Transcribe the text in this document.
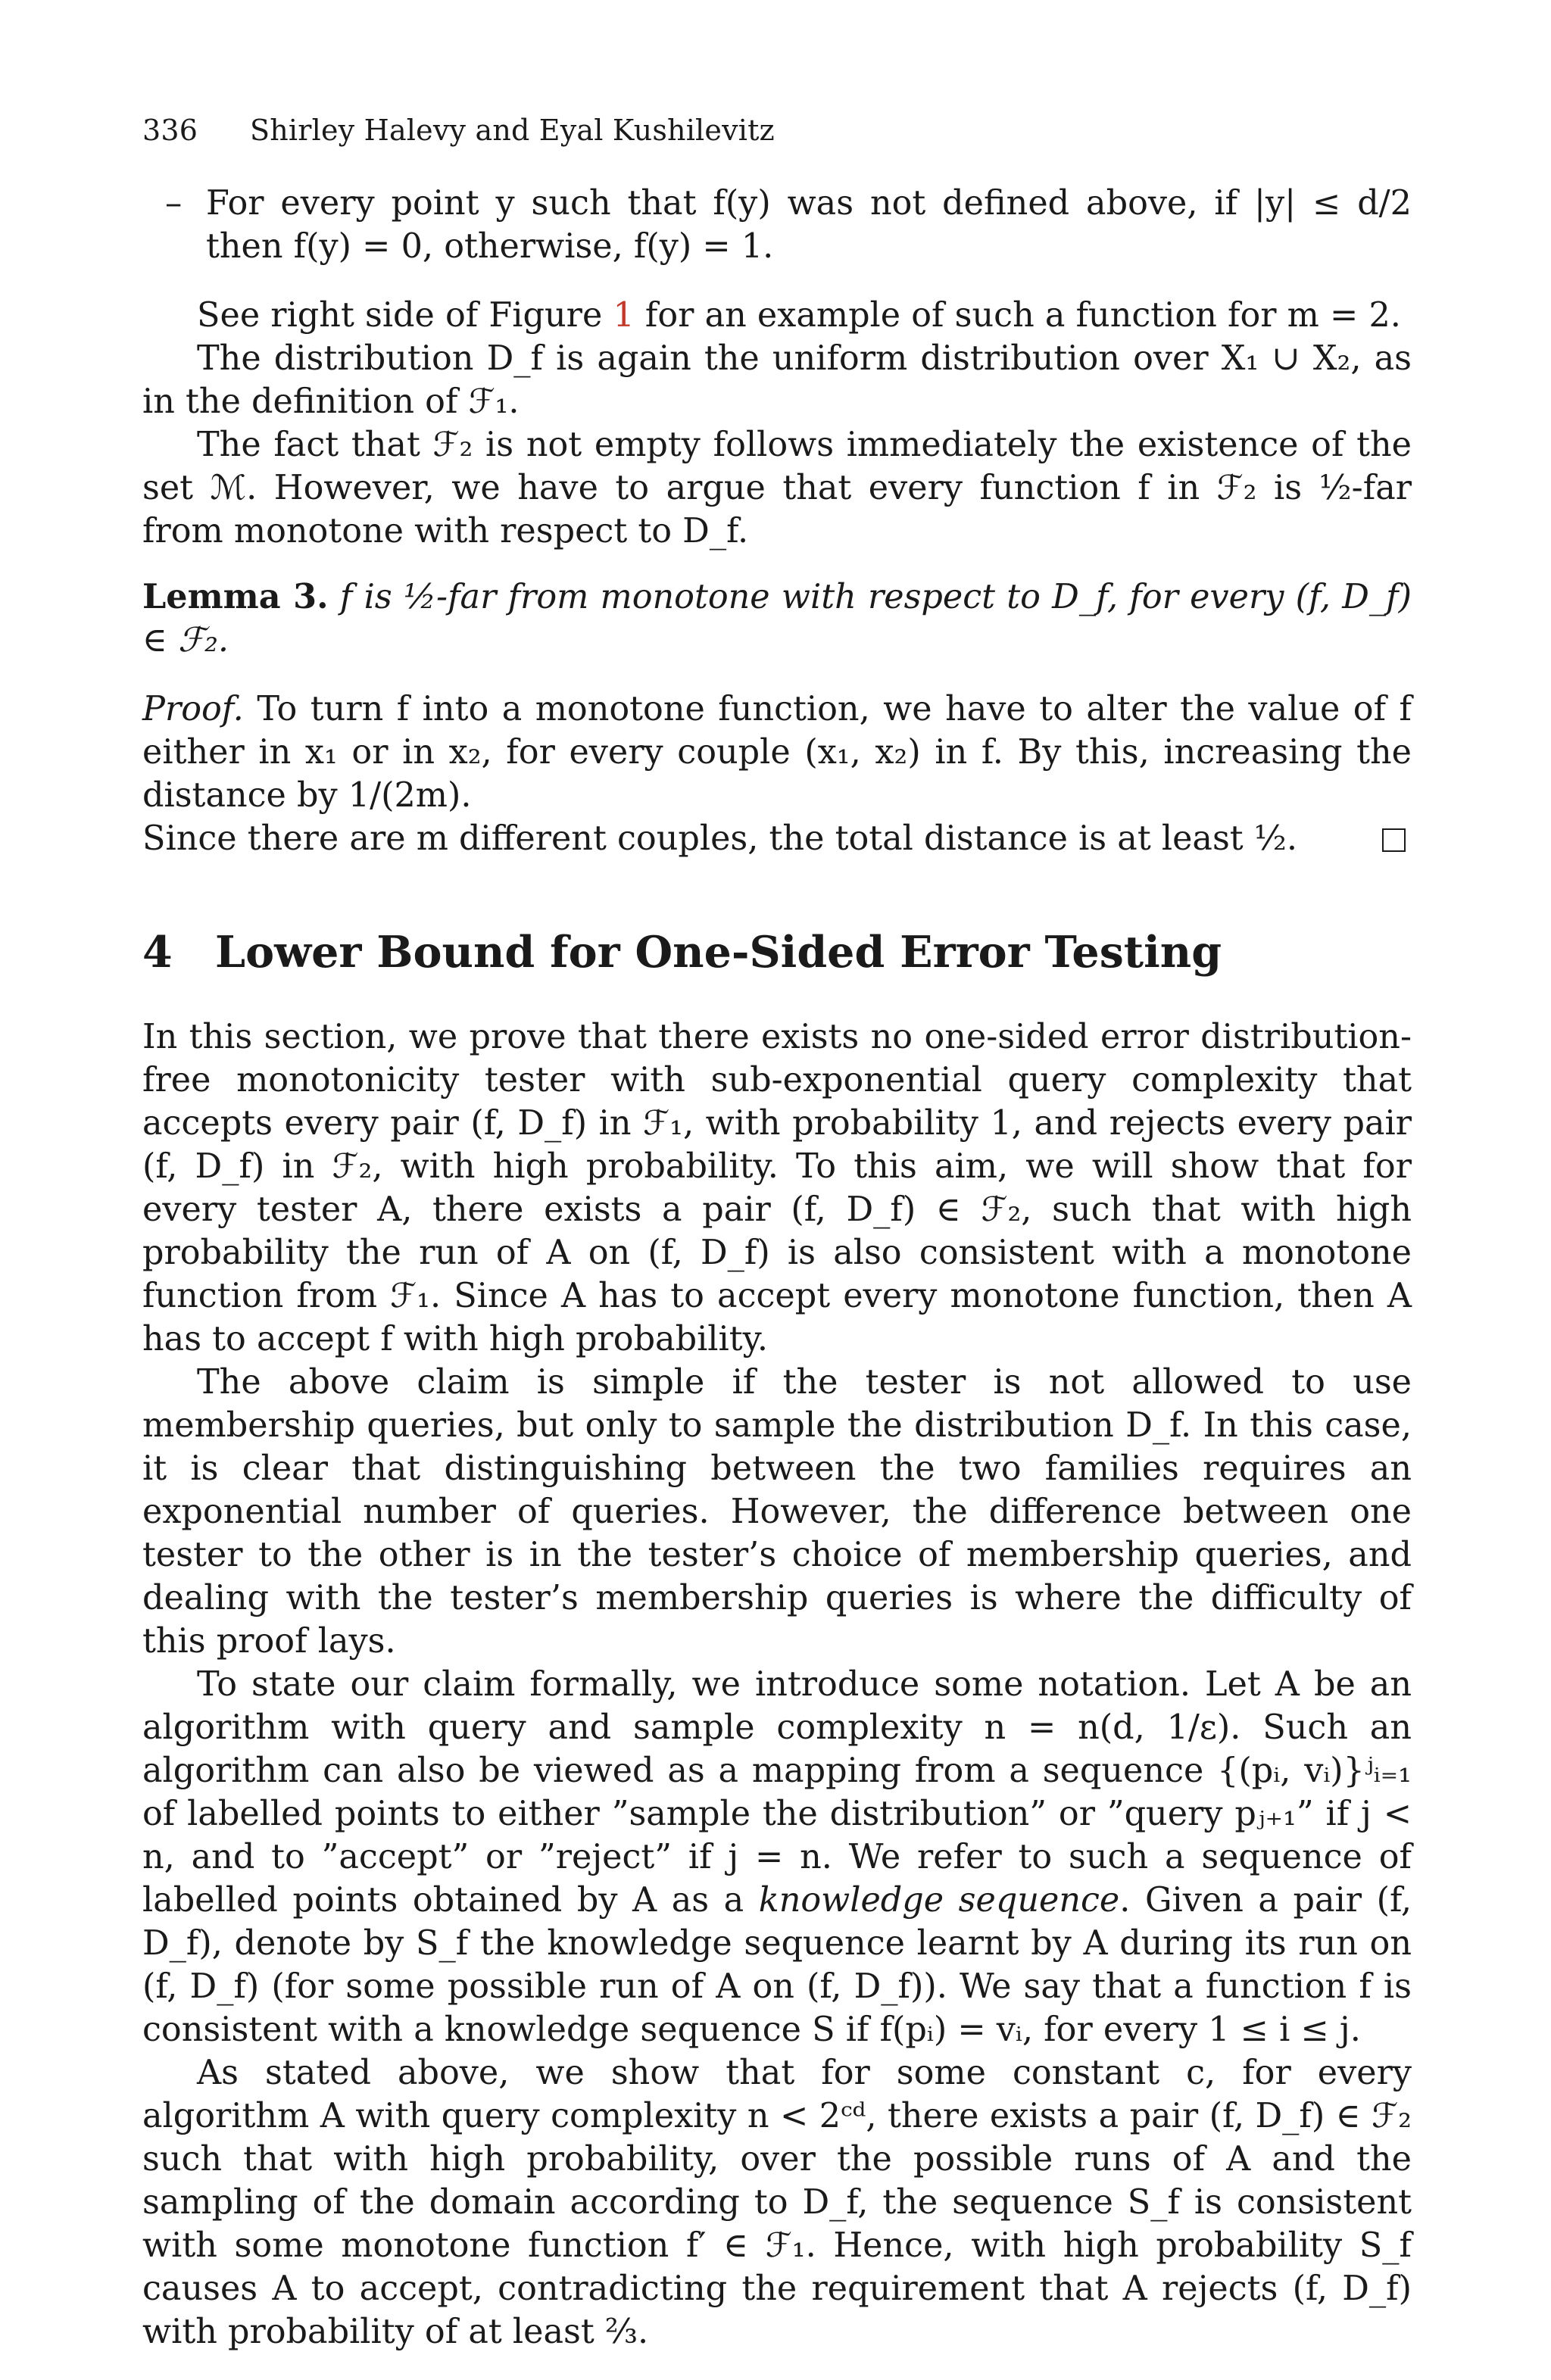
336 Shirley Halevy and Eyal Kushilevitz

– For every point y such that f(y) was not defined above, if |y| ≤ d/2 then f(y) = 0, otherwise, f(y) = 1.

See right side of Figure 1 for an example of such a function for m = 2.

The distribution D_f is again the uniform distribution over X₁ ∪ X₂, as in the definition of ℱ₁.

The fact that ℱ₂ is not empty follows immediately the existence of the set ℳ. However, we have to argue that every function f in ℱ₂ is ½-far from monotone with respect to D_f.

Lemma 3. f is ½-far from monotone with respect to D_f, for every (f, D_f) ∈ ℱ₂.

Proof. To turn f into a monotone function, we have to alter the value of f either in x₁ or in x₂, for every couple (x₁, x₂) in f. By this, increasing the distance by 1/(2m).

Since there are m different couples, the total distance is at least ½.

4 Lower Bound for One-Sided Error Testing

In this section, we prove that there exists no one-sided error distribution-free monotonicity tester with sub-exponential query complexity that accepts every pair (f, D_f) in ℱ₁, with probability 1, and rejects every pair (f, D_f) in ℱ₂, with high probability. To this aim, we will show that for every tester A, there exists a pair (f, D_f) ∈ ℱ₂, such that with high probability the run of A on (f, D_f) is also consistent with a monotone function from ℱ₁. Since A has to accept every monotone function, then A has to accept f with high probability.

The above claim is simple if the tester is not allowed to use membership queries, but only to sample the distribution D_f. In this case, it is clear that distinguishing between the two families requires an exponential number of queries. However, the difference between one tester to the other is in the tester’s choice of membership queries, and dealing with the tester’s membership queries is where the difficulty of this proof lays.

To state our claim formally, we introduce some notation. Let A be an algorithm with query and sample complexity n = n(d, 1/ε). Such an algorithm can also be viewed as a mapping from a sequence {(pᵢ, vᵢ)}ʲᵢ₌₁ of labelled points to either ”sample the distribution” or ”query pⱼ₊₁” if j < n, and to ”accept” or ”reject” if j = n. We refer to such a sequence of labelled points obtained by A as a knowledge sequence. Given a pair (f, D_f), denote by S_f the knowledge sequence learnt by A during its run on (f, D_f) (for some possible run of A on (f, D_f)). We say that a function f is consistent with a knowledge sequence S if f(pᵢ) = vᵢ, for every 1 ≤ i ≤ j.

As stated above, we show that for some constant c, for every algorithm A with query complexity n < 2ᶜᵈ, there exists a pair (f, D_f) ∈ ℱ₂ such that with high probability, over the possible runs of A and the sampling of the domain according to D_f, the sequence S_f is consistent with some monotone function f′ ∈ ℱ₁. Hence, with high probability S_f causes A to accept, contradicting the requirement that A rejects (f, D_f) with probability of at least ⅔.
